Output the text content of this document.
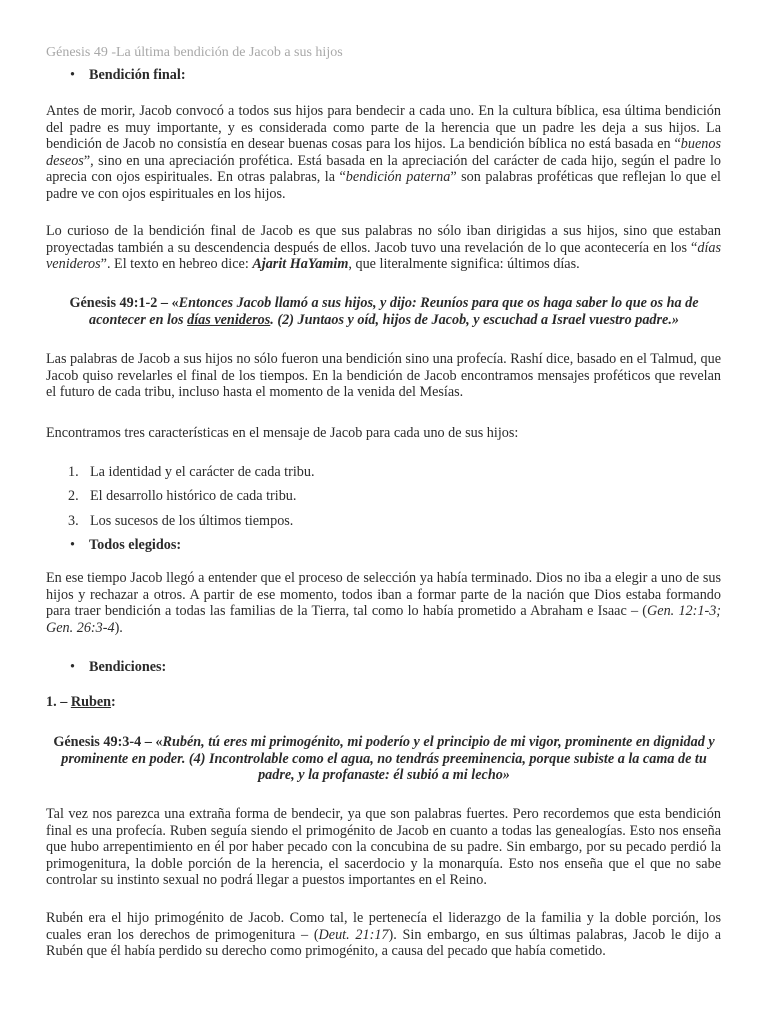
Génesis 49 -La última bendición de Jacob a sus hijos
• Bendición final:
Antes de morir, Jacob convocó a todos sus hijos para bendecir a cada uno. En la cultura bíblica, esa última bendición del padre es muy importante, y es considerada como parte de la herencia que un padre les deja a sus hijos. La bendición de Jacob no consistía en desear buenas cosas para los hijos. La bendición bíblica no está basada en “buenos deseos”, sino en una apreciación profética. Está basada en la apreciación del carácter de cada hijo, según el padre lo aprecia con ojos espirituales. En otras palabras, la “bendición paterna” son palabras proféticas que reflejan lo que el padre ve con ojos espirituales en los hijos.
Lo curioso de la bendición final de Jacob es que sus palabras no sólo iban dirigidas a sus hijos, sino que estaban proyectadas también a su descendencia después de ellos. Jacob tuvo una revelación de lo que acontecería en los “días venideros”. El texto en hebreo dice: Ajarit HaYamim, que literalmente significa: últimos días.
Génesis 49:1-2 – «Entonces Jacob llamó a sus hijos, y dijo: Reuníos para que os haga saber lo que os ha de acontecer en los días venideros. (2) Juntaos y oíd, hijos de Jacob, y escuchad a Israel vuestro padre.»
Las palabras de Jacob a sus hijos no sólo fueron una bendición sino una profecía. Rashí dice, basado en el Talmud, que Jacob quiso revelarles el final de los tiempos. En la bendición de Jacob encontramos mensajes proféticos que revelan el futuro de cada tribu, incluso hasta el momento de la venida del Mesías.
Encontramos tres características en el mensaje de Jacob para cada uno de sus hijos:
1. La identidad y el carácter de cada tribu.
2. El desarrollo histórico de cada tribu.
3. Los sucesos de los últimos tiempos.
• Todos elegidos:
En ese tiempo Jacob llegó a entender que el proceso de selección ya había terminado. Dios no iba a elegir a uno de sus hijos y rechazar a otros. A partir de ese momento, todos iban a formar parte de la nación que Dios estaba formando para traer bendición a todas las familias de la Tierra, tal como lo había prometido a Abraham e Isaac – (Gen. 12:1-3; Gen. 26:3-4).
• Bendiciones:
1. – Ruben:
Génesis 49:3-4 – «Rubén, tú eres mi primogénito, mi poderío y el principio de mi vigor, prominente en dignidad y prominente en poder. (4) Incontrolable como el agua, no tendrás preeminencia, porque subiste a la cama de tu padre, y la profanaste: él subió a mi lecho»
Tal vez nos parezca una extraña forma de bendecir, ya que son palabras fuertes. Pero recordemos que esta bendición final es una profecía. Ruben seguía siendo el primogénito de Jacob en cuanto a todas las genealogías. Esto nos enseña que hubo arrepentimiento en él por haber pecado con la concubina de su padre. Sin embargo, por su pecado perdió la primogenitura, la doble porción de la herencia, el sacerdocio y la monarquía. Esto nos enseña que el que no sabe controlar su instinto sexual no podrá llegar a puestos importantes en el Reino.
Rubén era el hijo primogénito de Jacob. Como tal, le pertenecía el liderazgo de la familia y la doble porción, los cuales eran los derechos de primogenitura – (Deut. 21:17). Sin embargo, en sus últimas palabras, Jacob le dijo a Rubén que él había perdido su derecho como primogénito, a causa del pecado que había cometido.
